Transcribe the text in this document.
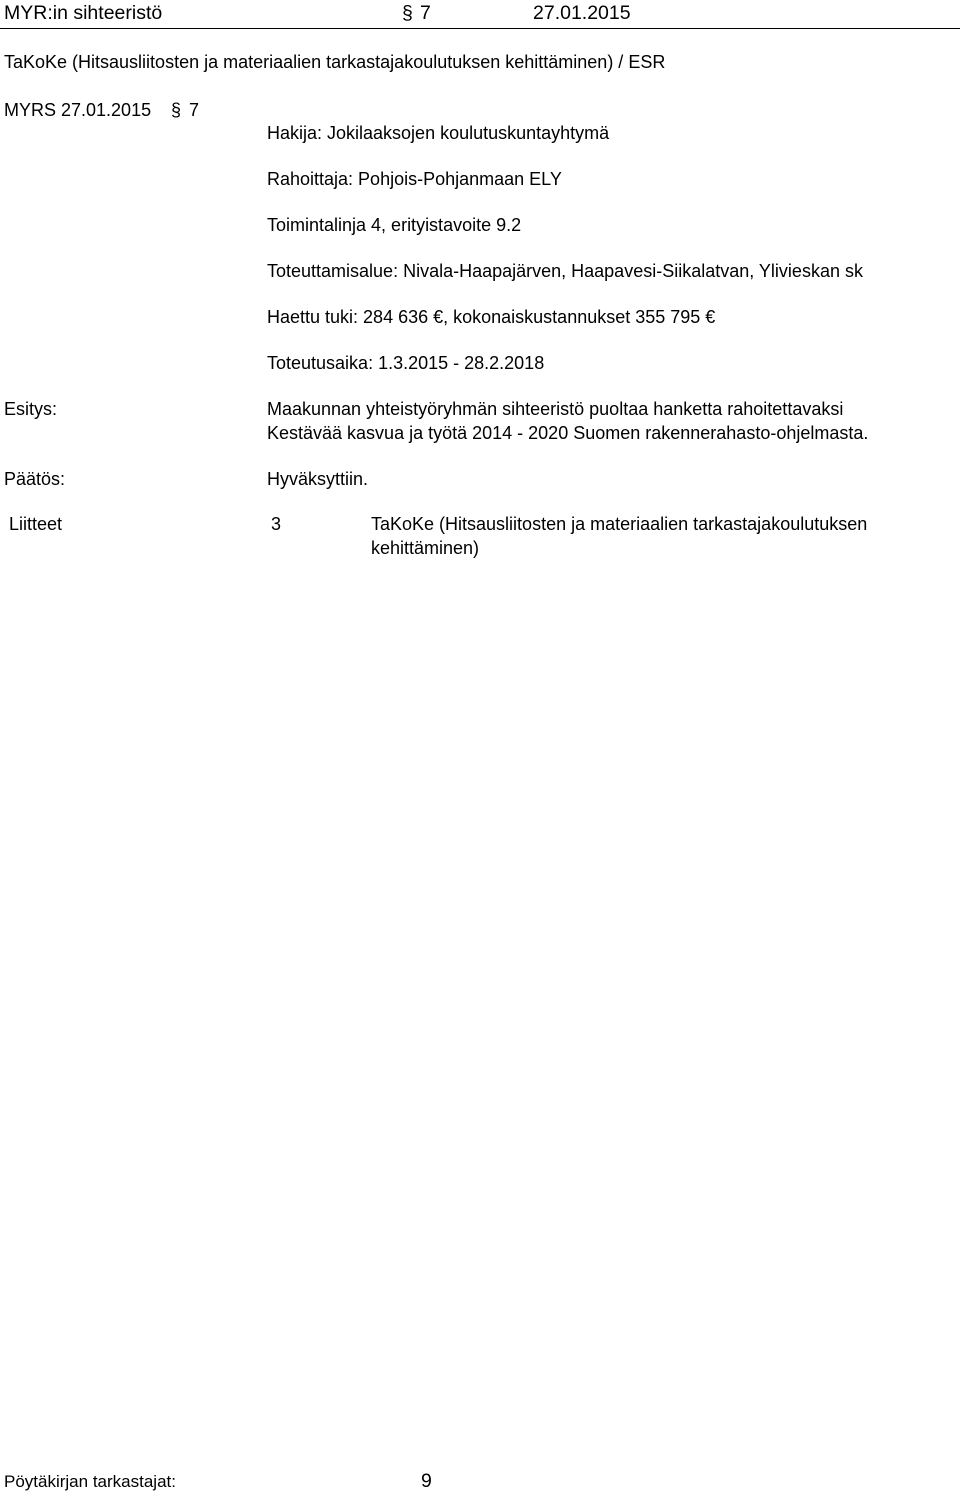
MYR:in sihteeristö	§ 7	27.01.2015
TaKoKe (Hitsausliitosten ja materiaalien tarkastajakoulutuksen kehittäminen) / ESR
MYRS 27.01.2015 § 7
Hakija: Jokilaaksojen koulutuskuntayhtymä
Rahoittaja: Pohjois-Pohjanmaan ELY
Toimintalinja 4, erityistavoite 9.2
Toteuttamisalue: Nivala-Haapajärven, Haapavesi-Siikalatvan, Ylivieskan sk
Haettu tuki: 284 636 €, kokonaiskustannukset 355 795 €
Toteutusaika: 1.3.2015 - 28.2.2018
Esitys:	Maakunnan yhteistyöryhmän sihteeristö puoltaa hanketta rahoitettavaksi
Kestävää kasvua ja työtä 2014 - 2020 Suomen rakennerahasto-ohjelmasta.
Päätös:	Hyväksyttiin.
Liitteet	3	TaKoKe (Hitsausliitosten ja materiaalien tarkastajakoulutuksen
kehittäminen)
Pöytäkirjan tarkastajat:	9
